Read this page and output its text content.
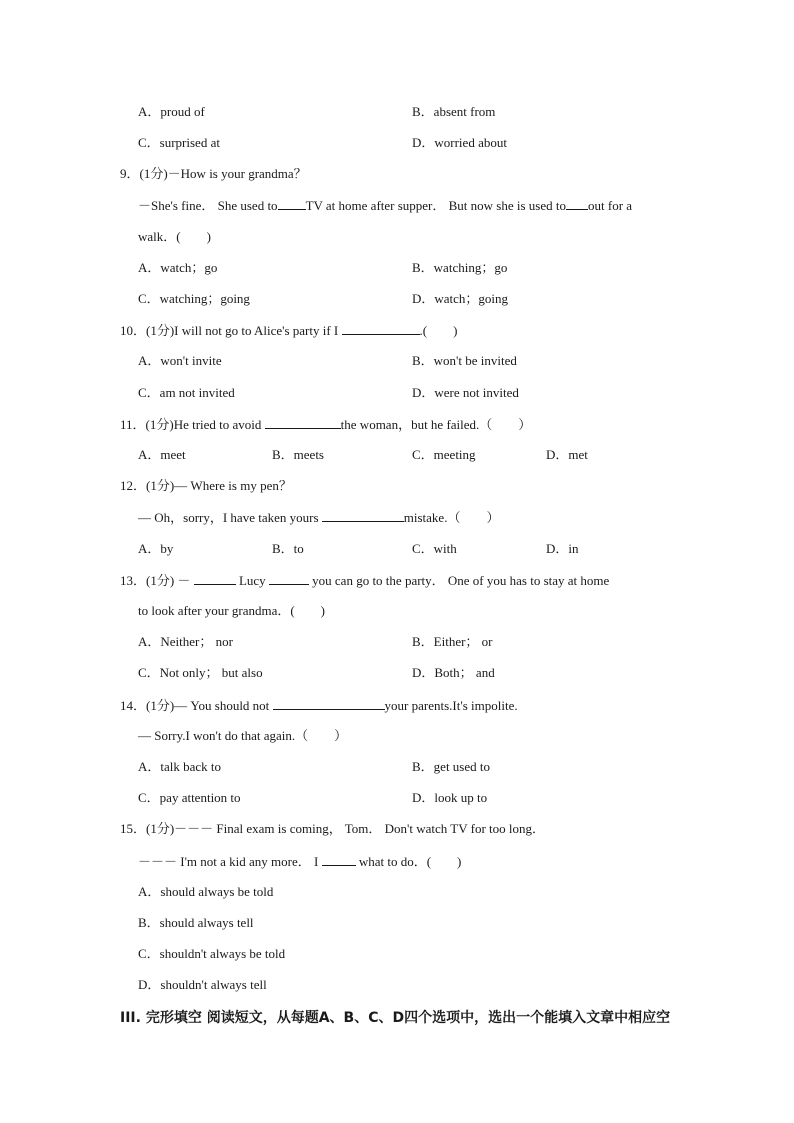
A．proud of	B．absent from
C．surprised at	D．worried about
9．(1分)－How is your grandma？
－She's fine． She used to TV at home after supper． But now she is used to out for a
walk．(　　)
A．watch；go	B．watching；go
C．watching；going	D．watch；going
10．(1分)I will not go to Alice's party if I	.(　　)
A．won't invite	B．won't be invited
C．am not invited	D．were not invited
11．(1分)He tried to avoid	the woman，but he failed.（　　）
A．meet	B．meets	C．meeting	D．met
12．(1分)— Where is my pen？
— Oh，sorry，I have taken yours	mistake.（　　）
A．by	B．to	C．with	D．in
13．(1分) －	Lucy	you can go to the party． One of you has to stay at home
to look after your grandma．(　　)
A．Neither； nor	B．Either； or
C．Not only； but also	D．Both； and
14．(1分)— You should not	your parents.It's impolite.
— Sorry.I won't do that again.（　　）
A．talk back to	B．get used to
C．pay attention to	D．look up to
15．(1分)－－－ Final exam is coming， Tom． Don't watch TV for too long．
－－－ I'm not a kid any more． I	what to do．(　　)
A．should always be told
B．should always tell
C．shouldn't always be told
D．shouldn't always tell
III. 完形填空 阅读短文，从每题A、B、C、D四个选项中，选出一个能填入文章中相应空
